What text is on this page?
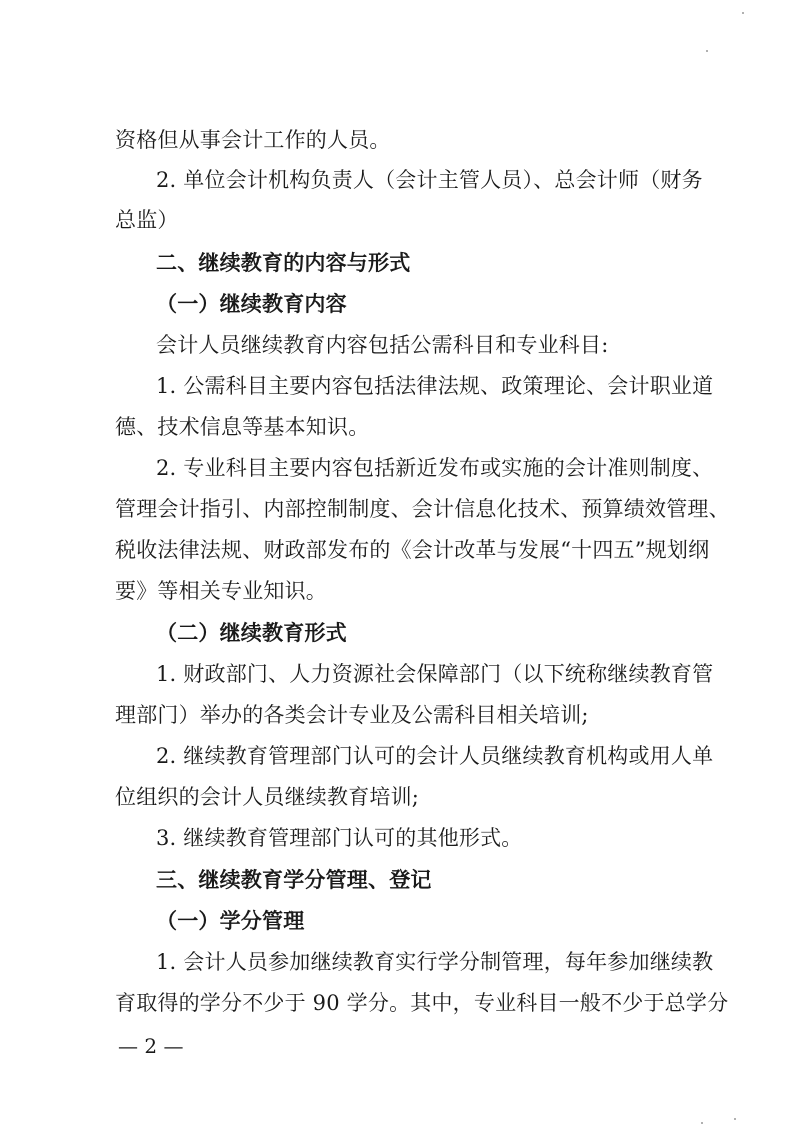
资格但从事会计工作的人员。
2. 单位会计机构负责人（会计主管人员）、总会计师（财务
总监）
二、继续教育的内容与形式
（一）继续教育内容
会计人员继续教育内容包括公需科目和专业科目:
1. 公需科目主要内容包括法律法规、政策理论、会计职业道
德、技术信息等基本知识。
2. 专业科目主要内容包括新近发布或实施的会计准则制度、
管理会计指引、内部控制制度、会计信息化技术、预算绩效管理、
税收法律法规、财政部发布的《会计改革与发展“十四五”规划纲
要》等相关专业知识。
（二）继续教育形式
1. 财政部门、人力资源社会保障部门（以下统称继续教育管
理部门）举办的各类会计专业及公需科目相关培训;
2. 继续教育管理部门认可的会计人员继续教育机构或用人单
位组织的会计人员继续教育培训;
3. 继续教育管理部门认可的其他形式。
三、继续教育学分管理、登记
（一）学分管理
1. 会计人员参加继续教育实行学分制管理，每年参加继续教
育取得的学分不少于 90 学分。其中，专业科目一般不少于总学分
— 2 —
